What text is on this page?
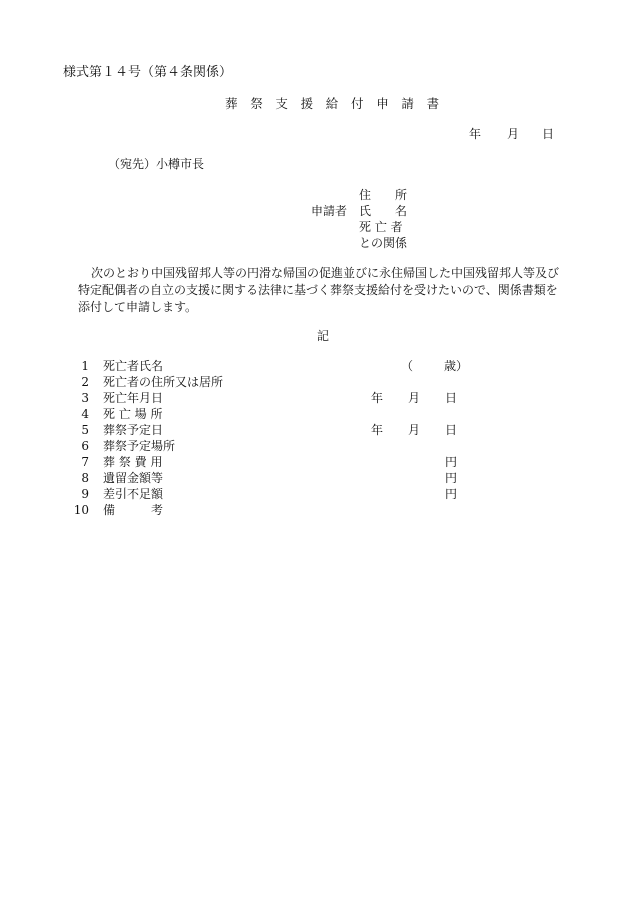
様式第１４号（第４条関係）
葬　祭　支　援　給　付　申　請　書
年 月 日
（宛先）小樽市長
申請者
住　　所
氏　　名
死 亡 者
との関係
次のとおり中国残留邦人等の円滑な帰国の促進並びに永住帰国した中国残留邦人等及び特定配偶者の自立の支援に関する法律に基づく葬祭支援給付を受けたいので、関係書類を添付して申請します。
記
1 死亡者氏名	（	歳）
2 死亡者の住所又は居所
3 死亡年月日	年 月 日
4 死 亡 場 所
5 葬祭予定日	年 月 日
6 葬祭予定場所
7 葬 祭 費 用	円
8 遺留金額等	円
9 差引不足額	円
10 備　　　考
